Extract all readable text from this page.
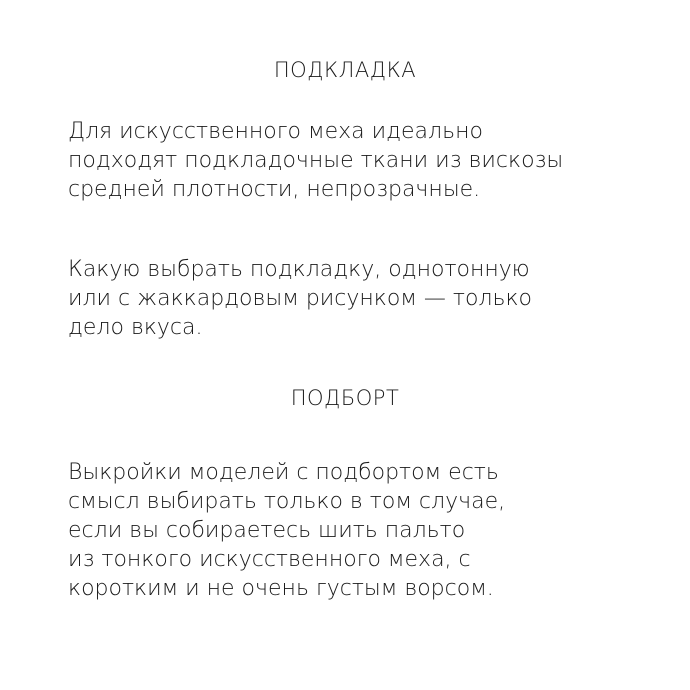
ПОДКЛАДКА

Для искусственного меха идеально
подходят подкладочные ткани из вискозы
средней плотности, непрозрачные.

Какую выбрать подкладку, однотонную
или с жаккардовым рисунком — только
дело вкуса.

ПОДБОРТ

Выкройки моделей с подбортом есть
смысл выбирать только в том случае,
если вы собираетесь шить пальто
из тонкого искусственного меха, с
коротким и не очень густым ворсом.
